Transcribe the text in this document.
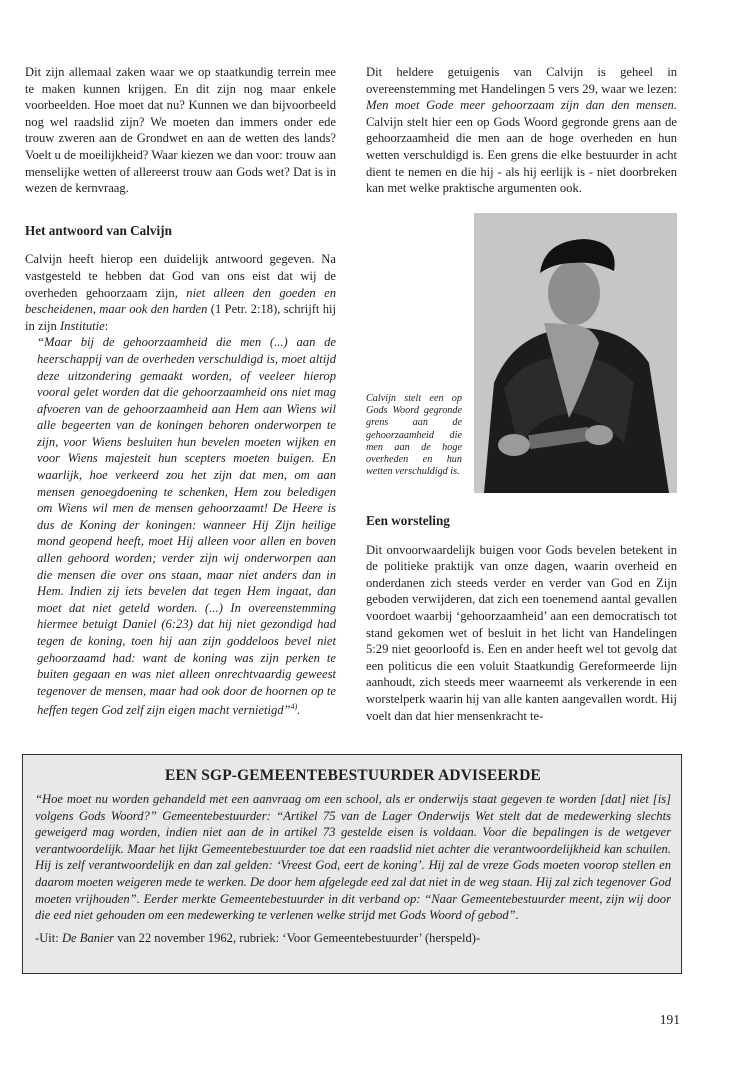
Dit zijn allemaal zaken waar we op staatkundig terrein mee te maken kunnen krijgen. En dit zijn nog maar enkele voorbeelden. Hoe moet dat nu? Kunnen we dan bijvoorbeeld nog wel raadslid zijn? We moeten dan immers onder ede trouw zweren aan de Grondwet en aan de wetten des lands? Voelt u de moeilijkheid? Waar kiezen we dan voor: trouw aan menselijke wetten of allereerst trouw aan Gods wet? Dat is in wezen de kernvraag.

Het antwoord van Calvijn

Calvijn heeft hierop een duidelijk antwoord gegeven. Na vastgesteld te hebben dat God van ons eist dat wij de overheden gehoorzaam zijn, niet alleen den goeden en bescheidenen, maar ook den harden (1 Petr. 2:18), schrijft hij in zijn Institutie:

“Maar bij de gehoorzaamheid die men (...) aan de heerschappij van de overheden verschuldigd is, moet altijd deze uitzondering gemaakt worden, of veeleer hierop vooral gelet worden dat die gehoorzaamheid ons niet mag afvoeren van de gehoorzaamheid aan Hem aan Wiens wil alle begeerten van de koningen behoren onderworpen te zijn, voor Wiens besluiten hun bevelen moeten wijken en voor Wiens majesteit hun scepters moeten buigen. En waarlijk, hoe verkeerd zou het zijn dat men, om aan mensen genoegdoening te schenken, Hem zou beledigen om Wiens wil men de mensen gehoorzaamt! De Heere is dus de Koning der koningen: wanneer Hij Zijn heilige mond geopend heeft, moet Hij alleen voor allen en boven allen gehoord worden; verder zijn wij onderworpen aan die mensen die over ons staan, maar niet anders dan in Hem. Indien zij iets bevelen dat tegen Hem ingaat, dan moet dat niet geteld worden. (...) In overeenstemming hiermee betuigt Daniel (6:23) dat hij niet gezondigd had tegen de koning, toen hij aan zijn goddeloos bevel niet gehoorzaamd had: want de koning was zijn perken te buiten gegaan en was niet alleen onrechtvaardig geweest tegenover de mensen, maar had ook door de hoornen op te heffen tegen God zelf zijn eigen macht vernietigd”$^{4)}$.

Dit heldere getuigenis van Calvijn is geheel in overeenstemming met Handelingen 5 vers 29, waar we lezen: Men moet Gode meer gehoorzaam zijn dan den mensen. Calvijn stelt hier een op Gods Woord gegronde grens aan de gehoorzaamheid die men aan de hoge overheden en hun wetten verschuldigd is. Een grens die elke bestuurder in acht dient te nemen en die hij - als hij eerlijk is - niet doorbreken kan met welke praktische argumenten ook.

Calvijn stelt een op Gods Woord gegronde grens aan de gehoorzaamheid die men aan de hoge overheden en hun wetten verschuldigd is.

Een worsteling

Dit onvoorwaardelijk buigen voor Gods bevelen betekent in de politieke praktijk van onze dagen, waarin overheid en onderdanen zich steeds verder en verder van God en Zijn geboden verwijderen, dat zich een toenemend aantal gevallen voordoet waarbij ‘gehoorzaamheid’ aan een democratisch tot stand gekomen wet of besluit in het licht van Handelingen 5:29 niet geoorloofd is. Een en ander heeft wel tot gevolg dat een politicus die een voluit Staatkundig Gereformeerde lijn aanhoudt, zich steeds meer waarneemt als verkerende in een worstelperk waarin hij van alle kanten aangevallen wordt. Hij voelt dan dat hier mensenkracht te-

EEN SGP-GEMEENTEBESTUURDER ADVISEERDE

“Hoe moet nu worden gehandeld met een aanvraag om een school, als er onderwijs staat gegeven te worden [dat] niet [is] volgens Gods Woord?” Gemeentebestuurder: “Artikel 75 van de Lager Onderwijs Wet stelt dat de medewerking slechts geweigerd mag worden, indien niet aan de in artikel 73 gestelde eisen is voldaan. Voor die bepalingen is de wetgever verantwoordelijk. Maar het lijkt Gemeentebestuurder toe dat een raadslid niet achter die verantwoordelijkheid kan schuilen. Hij is zelf verantwoordelijk en dan zal gelden: ‘Vreest God, eert de koning’. Hij zal de vreze Gods moeten voorop stellen en daarom moeten weigeren mede te werken. De door hem afgelegde eed zal dat niet in de weg staan. Hij zal zich tegenover God moeten vrijhouden”. Eerder merkte Gemeentebestuurder in dit verband op: “Naar Gemeentebestuurder meent, zijn wij door die eed niet gehouden om een medewerking te verlenen welke strijd met Gods Woord of gebod”.

-Uit: De Banier van 22 november 1962, rubriek: ‘Voor Gemeentebestuurder’ (herspeld)-

191
